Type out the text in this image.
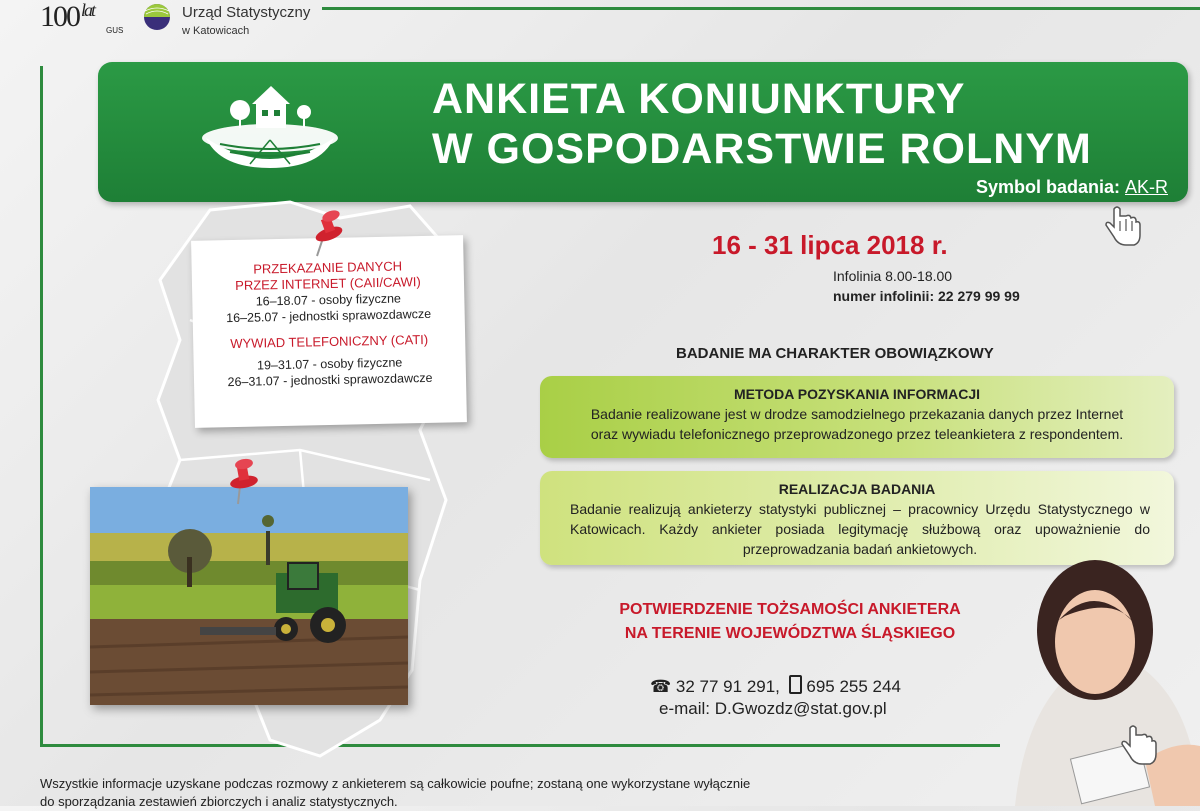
100 $^{lat}$
GUS
Urząd Statystyczny
w Katowicach
ANKIETA KONIUNKTURY
W GOSPODARSTWIE ROLNYM
Symbol badania: AK-R

PRZEKAZANIE DANYCH

PRZEZ INTERNET (CAII/CAWI)

16–18.07 - osoby fizyczne

16–25.07 - jednostki sprawozdawcze

WYWIAD TELEFONICZNY (CATI)

19–31.07 - osoby fizyczne

26–31.07 - jednostki sprawozdawcze

16 - 31 lipca 2018 r.
Infolinia 8.00-18.00
numer infolinii: 22 279 99 99
BADANIE MA CHARAKTER OBOWIĄZKOWY
METODA POZYSKANIA INFORMACJI
Badanie realizowane jest w drodze samodzielnego przekazania danych przez Internet
oraz wywiadu telefonicznego przeprowadzonego przez teleankietera z respondentem.
REALIZACJA BADANIA
Badanie realizują ankieterzy statystyki publicznej – pracownicy Urzędu Statystycznego w Katowicach. Każdy ankieter posiada legitymację służbową oraz upoważnienie do przeprowadzania badań ankietowych.
POTWIERDZENIE TOŻSAMOŚCI ANKIETERA
NA TERENIE WOJEWÓDZTWA ŚLĄSKIEGO
☎ 32 77 91 291, 695 255 244
e-mail: D.Gwozdz@stat.gov.pl
Wszystkie informacje uzyskane podczas rozmowy z ankieterem są całkowicie poufne; zostaną one wykorzystane wyłącznie
do sporządzania zestawień zbiorczych i analiz statystycznych.
